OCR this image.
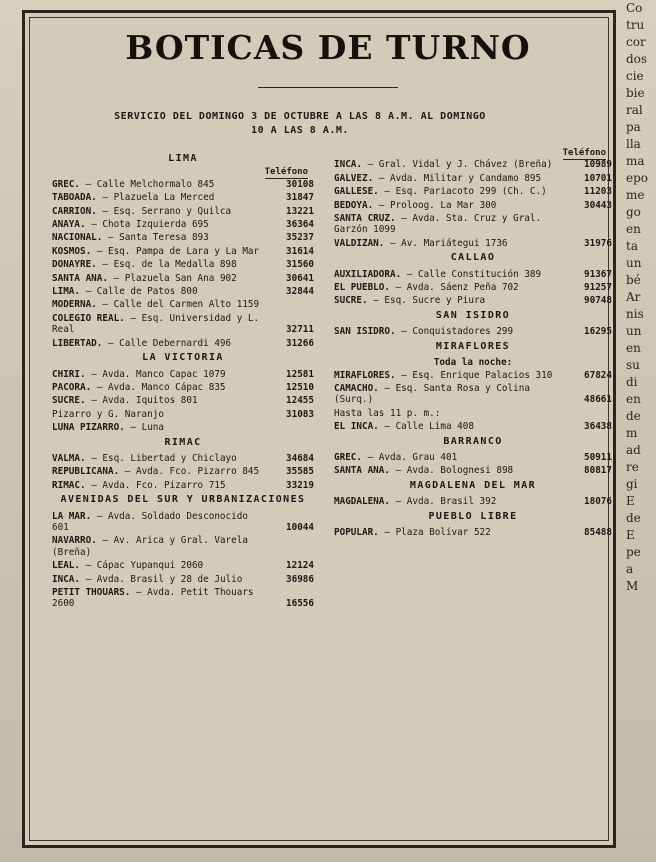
BOTICAS DE TURNO
SERVICIO DEL DOMINGO 3 DE OCTUBRE A LAS 8 A.M. AL DOMINGO 10 A LAS 8 A.M.
LIMA
Teléfono
GREC. — Calle Melchormalo 845	30108
TABOADA. — Plazuela La Merced	31847
CARRION. — Esq. Serrano y Quilca	13221
ANAYA. — Chota Izquierda 695	36364
NACIONAL. — Santa Teresa 893	35237
KOSMOS. — Esq. Pampa de Lara y La Mar	31614
DONAYRE. — Esq. de la Medalla 898	31560
SANTA ANA. — Plazuela San Ana 902	30641
LIMA. — Calle de Patos 800	32844
MODERNA. — Calle del Carmen Alto 1159
COLEGIO REAL. — Esq. Universidad y L. Real	32711
LIBERTAD. — Calle Debernardi 496	31266
LA VICTORIA
CHIRI. — Avda. Manco Capac 1079	12581
PACORA. — Avda. Manco Cápac 835	12510
SUCRE. — Avda. Iquitos 801	12455
Pizarro y G. Naranjo	31083
LUNA PIZARRO. — Luna
RIMAC
VALMA. — Esq. Libertad y Chiclayo	34684
REPUBLICANA. — Avda. Fco. Pizarro 845	35585
RIMAC. — Avda. Fco. Pizarro 715	33219
AVENIDAS DEL SUR Y URBANIZACIONES
LA MAR. — Avda. Soldado Desconocido 601	10044
NAVARRO. — Av. Arica y Gral. Varela (Breña)
LEAL. — Cápac Yupanqui 2060	12124
INCA. — Avda. Brasil y 28 de Julio	36986
PETIT THOUARS. — Avda. Petit Thouars 2600	16556
Teléfono
INCA. — Gral. Vidal y J. Chávez (Breña)	10989
GALVEZ. — Avda. Militar y Candamo 895	10701
GALLESE. — Esq. Pariacoto 299 (Ch. C.)	11203
BEDOYA. — Proloog. La Mar 300	30443
SANTA CRUZ. — Avda. Sta. Cruz y Gral. Garzón 1099
VALDIZAN. — Av. Mariátegui 1736	31976
CALLAO
AUXILIADORA. — Calle Constitución 389	91367
EL PUEBLO. — Avda. Sáenz Peña 702	91257
SUCRE. — Esq. Sucre y Piura	90748
SAN ISIDRO
SAN ISIDRO. — Conquistadores 299	16295
MIRAFLORES
Toda la noche:
MIRAFLORES. — Esq. Enrique Palacios 310	67824
CAMACHO. — Esq. Santa Rosa y Colina (Surq.)	48661
Hasta las 11 p. m.:
EL INCA. — Calle Lima 408	36438
BARRANCO
GREC. — Avda. Grau 401	50911
SANTA ANA. — Avda. Bolognesi 898	80817
MAGDALENA DEL MAR
MAGDALENA. — Avda. Brasil 392	18076
PUEBLO LIBRE
POPULAR. — Plaza Bolívar 522	85488
Co
tru
cor
dos
cie
bie
ral
pa
lla
ma
epo
me
go
en
ta
un
bé
Ar
nis
un
en
su
di
en
de
m
ad
re
gi
E
de
E
pe
a
M
